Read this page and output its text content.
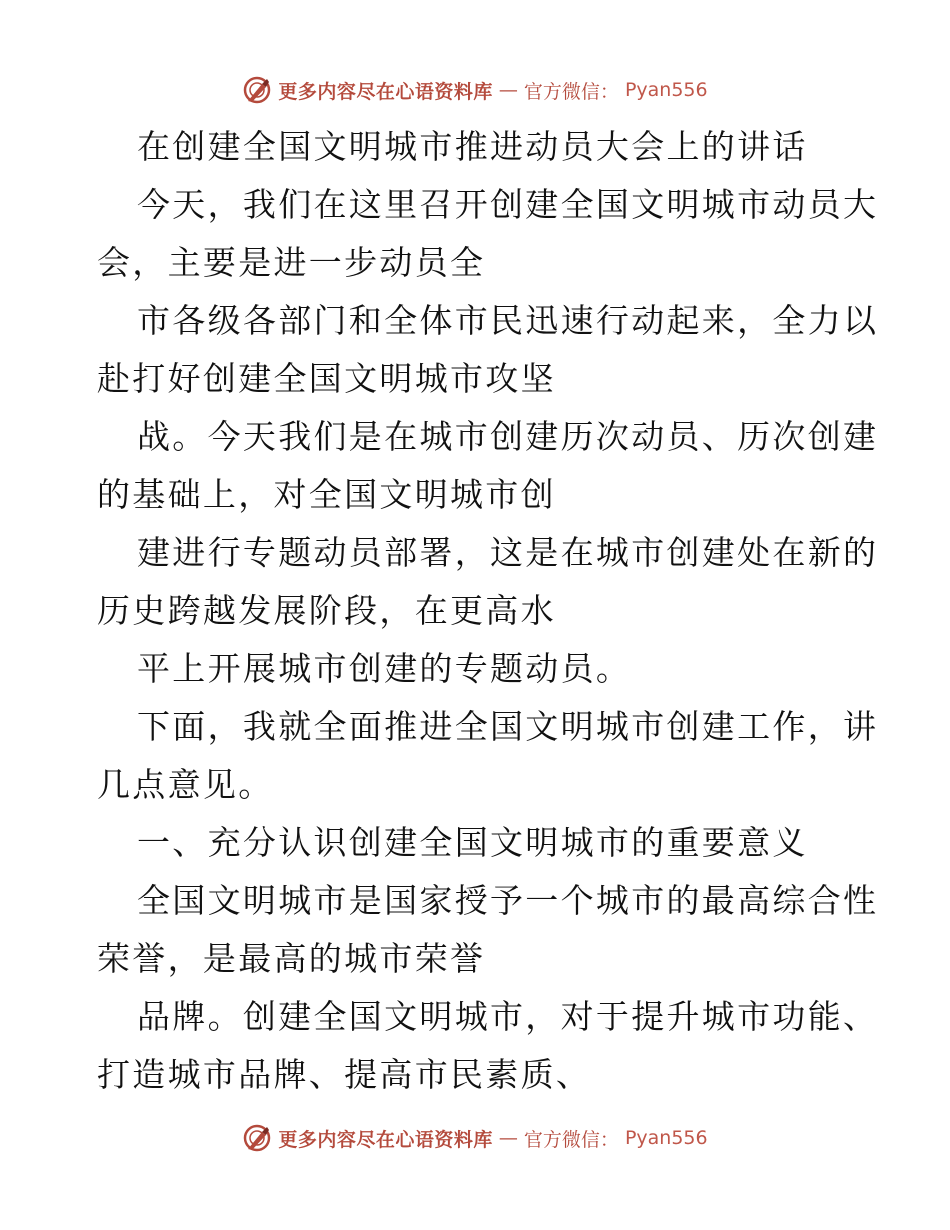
更多内容尽在心语资料库 — 官方微信： Pyan556
在创建全国文明城市推进动员大会上的讲话
今天，我们在这里召开创建全国文明城市动员大
会，主要是进一步动员全
市各级各部门和全体市民迅速行动起来，全力以
赴打好创建全国文明城市攻坚
战。今天我们是在城市创建历次动员、历次创建
的基础上，对全国文明城市创
建进行专题动员部署，这是在城市创建处在新的
历史跨越发展阶段，在更高水
平上开展城市创建的专题动员。
下面，我就全面推进全国文明城市创建工作，讲
几点意见。
一、充分认识创建全国文明城市的重要意义
全国文明城市是国家授予一个城市的最高综合性
荣誉，是最高的城市荣誉
品牌。创建全国文明城市，对于提升城市功能、
打造城市品牌、提高市民素质、
更多内容尽在心语资料库 — 官方微信： Pyan556
